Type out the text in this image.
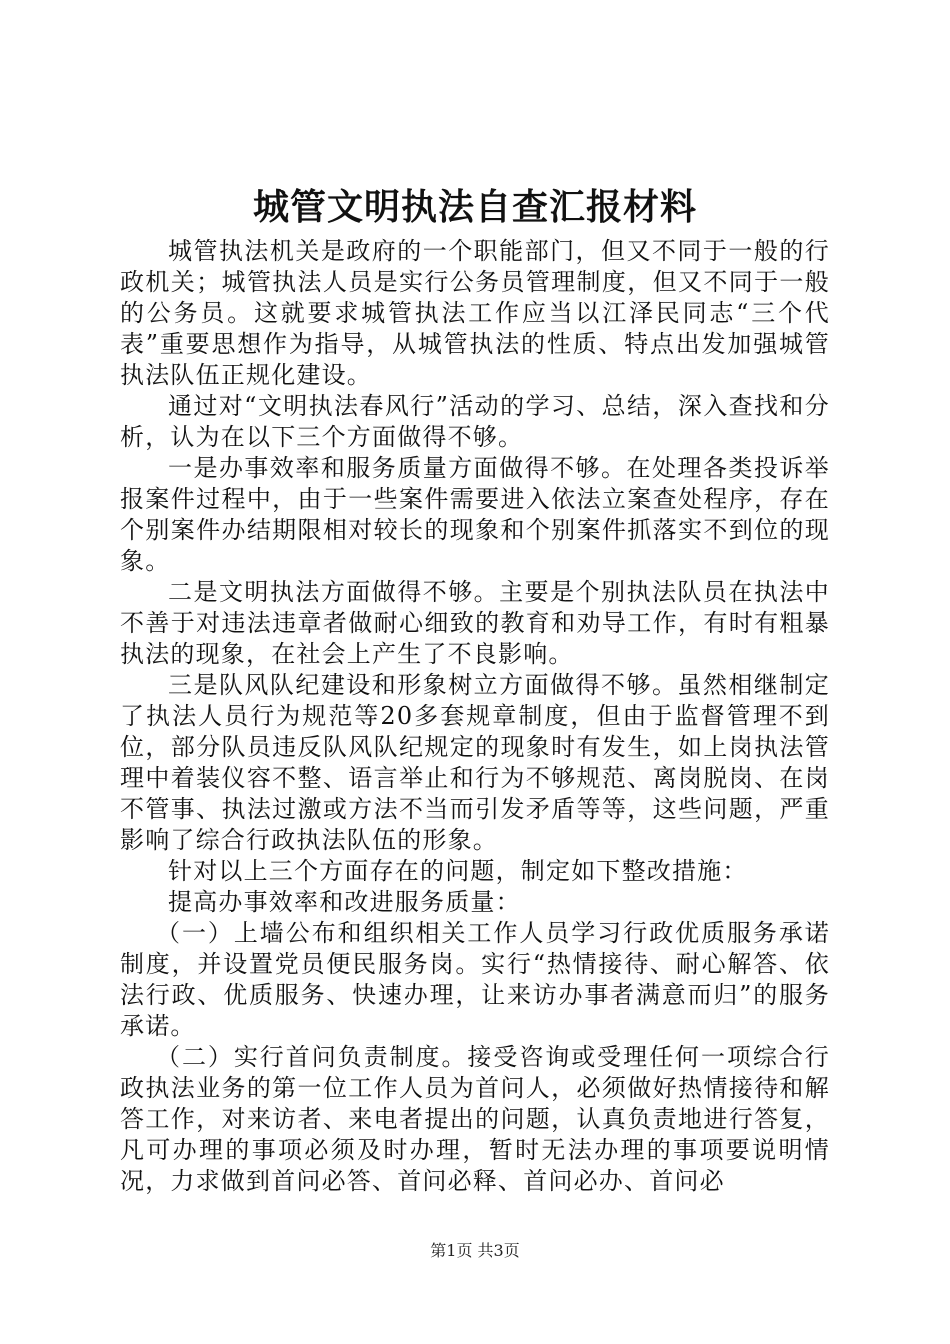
城管文明执法自查汇报材料

城管执法机关是政府的一个职能部门，但又不同于一般的行政机关；城管执法人员是实行公务员管理制度，但又不同于一般的公务员。这就要求城管执法工作应当以江泽民同志“三个代表”重要思想作为指导，从城管执法的性质、特点出发加强城管执法队伍正规化建设。

通过对“文明执法春风行”活动的学习、总结，深入查找和分析，认为在以下三个方面做得不够。

一是办事效率和服务质量方面做得不够。在处理各类投诉举报案件过程中，由于一些案件需要进入依法立案查处程序，存在个别案件办结期限相对较长的现象和个别案件抓落实不到位的现象。

二是文明执法方面做得不够。主要是个别执法队员在执法中不善于对违法违章者做耐心细致的教育和劝导工作，有时有粗暴执法的现象，在社会上产生了不良影响。

三是队风队纪建设和形象树立方面做得不够。虽然相继制定了执法人员行为规范等20多套规章制度，但由于监督管理不到位，部分队员违反队风队纪规定的现象时有发生，如上岗执法管理中着装仪容不整、语言举止和行为不够规范、离岗脱岗、在岗不管事、执法过激或方法不当而引发矛盾等等，这些问题，严重影响了综合行政执法队伍的形象。

针对以上三个方面存在的问题，制定如下整改措施：

提高办事效率和改进服务质量：

（一）上墙公布和组织相关工作人员学习行政优质服务承诺制度，并设置党员便民服务岗。实行“热情接待、耐心解答、依法行政、优质服务、快速办理，让来访办事者满意而归”的服务承诺。

（二）实行首问负责制度。接受咨询或受理任何一项综合行政执法业务的第一位工作人员为首问人，必须做好热情接待和解答工作，对来访者、来电者提出的问题，认真负责地进行答复，凡可办理的事项必须及时办理，暂时无法办理的事项要说明情况，力求做到首问必答、首问必释、首问必办、首问必

第1页 共3页
